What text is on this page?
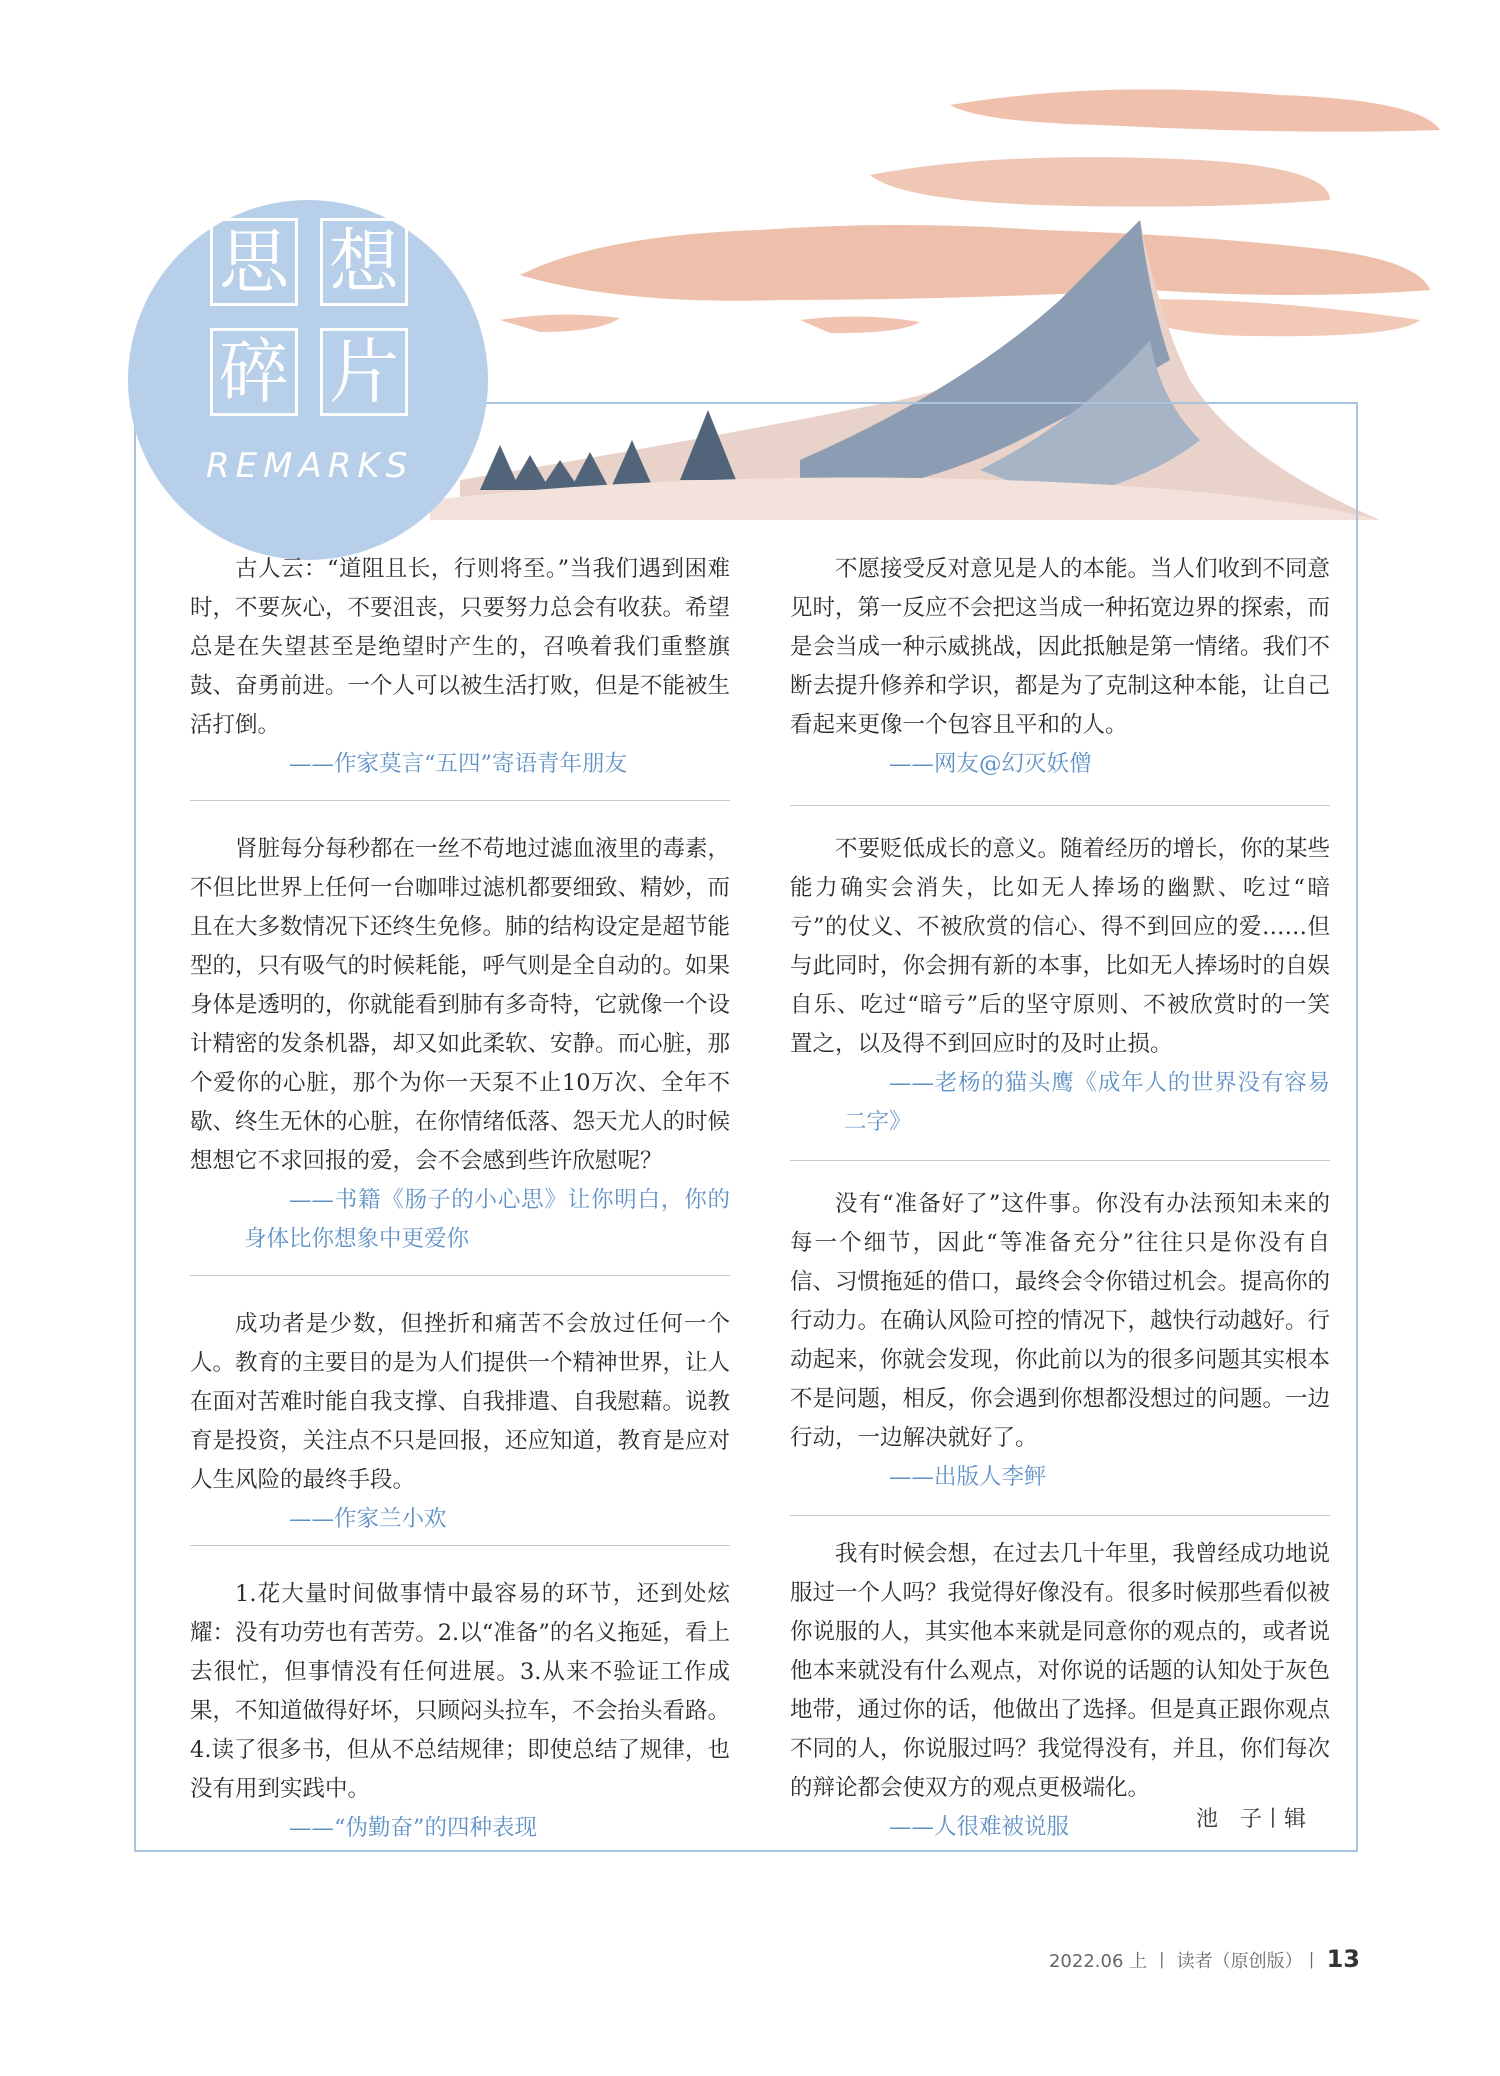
思 想
碎 片
REMARKS

古人云：“道阻且长，行则将至。”当我们遇到困难时，不要灰心，不要沮丧，只要努力总会有收获。希望总是在失望甚至是绝望时产生的，召唤着我们重整旗鼓、奋勇前进。一个人可以被生活打败，但是不能被生活打倒。

——作家莫言“五四”寄语青年朋友

肾脏每分每秒都在一丝不苟地过滤血液里的毒素，不但比世界上任何一台咖啡过滤机都要细致、精妙，而且在大多数情况下还终生免修。肺的结构设定是超节能型的，只有吸气的时候耗能，呼气则是全自动的。如果身体是透明的，你就能看到肺有多奇特，它就像一个设计精密的发条机器，却又如此柔软、安静。而心脏，那个爱你的心脏，那个为你一天泵不止10万次、全年不歇、终生无休的心脏，在你情绪低落、怨天尤人的时候想想它不求回报的爱，会不会感到些许欣慰呢？

——书籍《肠子的小心思》让你明白，你的身体比你想象中更爱你

成功者是少数，但挫折和痛苦不会放过任何一个人。教育的主要目的是为人们提供一个精神世界，让人在面对苦难时能自我支撑、自我排遣、自我慰藉。说教育是投资，关注点不只是回报，还应知道，教育是应对人生风险的最终手段。

——作家兰小欢

1.花大量时间做事情中最容易的环节，还到处炫耀：没有功劳也有苦劳。2.以“准备”的名义拖延，看上去很忙，但事情没有任何进展。3.从来不验证工作成果，不知道做得好坏，只顾闷头拉车，不会抬头看路。4.读了很多书，但从不总结规律；即使总结了规律，也没有用到实践中。

——“伪勤奋”的四种表现

不愿接受反对意见是人的本能。当人们收到不同意见时，第一反应不会把这当成一种拓宽边界的探索，而是会当成一种示威挑战，因此抵触是第一情绪。我们不断去提升修养和学识，都是为了克制这种本能，让自己看起来更像一个包容且平和的人。

——网友@幻灭妖僧

不要贬低成长的意义。随着经历的增长，你的某些能力确实会消失，比如无人捧场的幽默、吃过“暗亏”的仗义、不被欣赏的信心、得不到回应的爱……但与此同时，你会拥有新的本事，比如无人捧场时的自娱自乐、吃过“暗亏”后的坚守原则、不被欣赏时的一笑置之，以及得不到回应时的及时止损。

——老杨的猫头鹰《成年人的世界没有容易二字》

没有“准备好了”这件事。你没有办法预知未来的每一个细节，因此“等准备充分”往往只是你没有自信、习惯拖延的借口，最终会令你错过机会。提高你的行动力。在确认风险可控的情况下，越快行动越好。行动起来，你就会发现，你此前以为的很多问题其实根本不是问题，相反，你会遇到你想都没想过的问题。一边行动，一边解决就好了。

——出版人李鲆

我有时候会想，在过去几十年里，我曾经成功地说服过一个人吗？我觉得好像没有。很多时候那些看似被你说服的人，其实他本来就是同意你的观点的，或者说他本来就没有什么观点，对你说的话题的认知处于灰色地带，通过你的话，他做出了选择。但是真正跟你观点不同的人，你说服过吗？我觉得没有，并且，你们每次的辩论都会使双方的观点更极端化。

——人很难被说服	池　子丨辑
2022.06 上 丨 读者（原创版）丨 13
